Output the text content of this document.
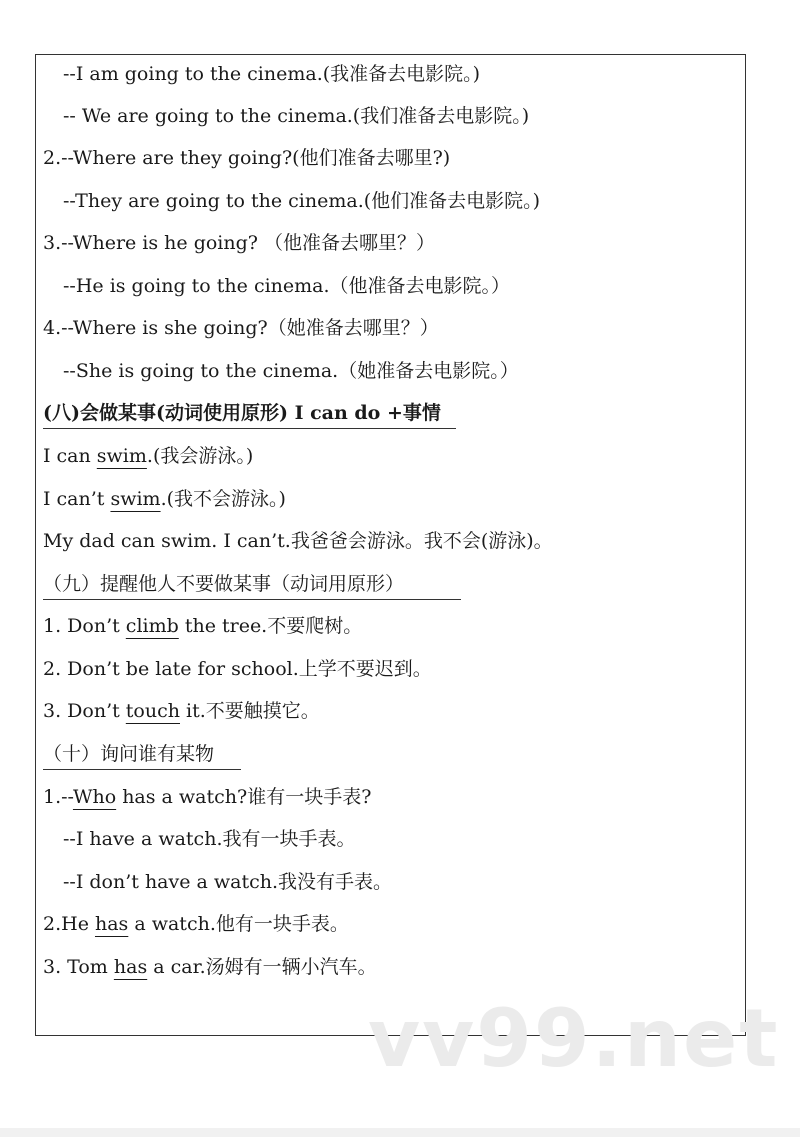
--I am going to the cinema.(我准备去电影院。)
-- We are going to the cinema.(我们准备去电影院。)
2.--Where are they going?(他们准备去哪里?)
--They are going to the cinema.(他们准备去电影院。)
3.--Where is he going? （他准备去哪里？）
--He is going to the cinema.（他准备去电影院。）
4.--Where is she going?（她准备去哪里？）
--She is going to the cinema.（她准备去电影院。）
(八)会做某事(动词使用原形) I can do +事情
I can swim.(我会游泳。)
I can’t swim.(我不会游泳。)
My dad can swim. I can’t.我爸爸会游泳。我不会(游泳)。
（九）提醒他人不要做某事（动词用原形）
1. Don’t climb the tree.不要爬树。
2. Don’t be late for school.上学不要迟到。
3. Don’t touch it.不要触摸它。
（十）询问谁有某物
1.--Who has a watch?谁有一块手表?
--I have a watch.我有一块手表。
--I don’t have a watch.我没有手表。
2.He has a watch.他有一块手表。
3. Tom has a car.汤姆有一辆小汽车。
vv99.net
